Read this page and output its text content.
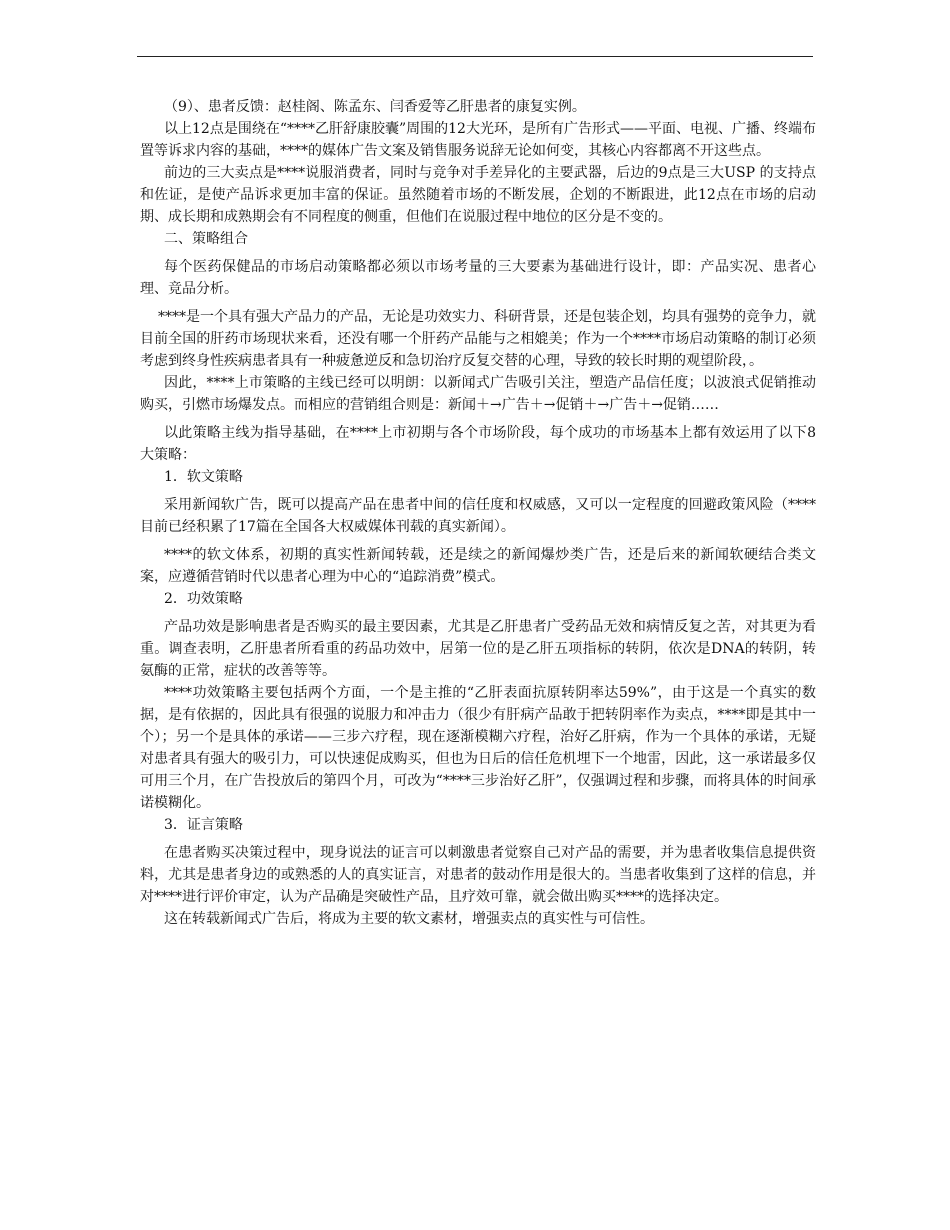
（9）、患者反馈：赵桂阁、陈孟东、闫香爱等乙肝患者的康复实例。

以上12点是围绕在“****乙肝舒康胶囊”周围的12大光环，是所有广告形式——平面、电视、广播、终端布置等诉求内容的基础，****的媒体广告文案及销售服务说辞无论如何变，其核心内容都离不开这些点。

前边的三大卖点是****说服消费者，同时与竞争对手差异化的主要武器，后边的9点是三大USP 的支持点和佐证，是使产品诉求更加丰富的保证。虽然随着市场的不断发展，企划的不断跟进，此12点在市场的启动期、成长期和成熟期会有不同程度的侧重，但他们在说服过程中地位的区分是不变的。

二、策略组合

每个医药保健品的市场启动策略都必须以市场考量的三大要素为基础进行设计，即：产品实况、患者心理、竞品分析。

****是一个具有强大产品力的产品，无论是功效实力、科研背景，还是包装企划，均具有强势的竞争力，就目前全国的肝药市场现状来看，还没有哪一个肝药产品能与之相媲美；作为一个****市场启动策略的制订必须考虑到终身性疾病患者具有一种疲惫逆反和急切治疗反复交替的心理，导致的较长时期的观望阶段，。

因此，****上市策略的主线已经可以明朗：以新闻式广告吸引关注，塑造产品信任度；以波浪式促销推动购买，引燃市场爆发点。而相应的营销组合则是：新闻＋→广告＋→促销＋→广告＋→促销……

以此策略主线为指导基础，在****上市初期与各个市场阶段，每个成功的市场基本上都有效运用了以下8大策略：

1．软文策略

采用新闻软广告，既可以提高产品在患者中间的信任度和权威感，又可以一定程度的回避政策风险（****目前已经积累了17篇在全国各大权威媒体刊载的真实新闻）。

****的软文体系，初期的真实性新闻转载，还是续之的新闻爆炒类广告，还是后来的新闻软硬结合类文案，应遵循营销时代以患者心理为中心的“追踪消费”模式。

2．功效策略

产品功效是影响患者是否购买的最主要因素，尤其是乙肝患者广受药品无效和病情反复之苦，对其更为看重。调查表明，乙肝患者所看重的药品功效中，居第一位的是乙肝五项指标的转阴，依次是DNA的转阴，转氨酶的正常，症状的改善等等。

****功效策略主要包括两个方面，一个是主推的“乙肝表面抗原转阴率达59%”，由于这是一个真实的数据，是有依据的，因此具有很强的说服力和冲击力（很少有肝病产品敢于把转阴率作为卖点，****即是其中一个）；另一个是具体的承诺——三步六疗程，现在逐渐模糊六疗程，治好乙肝病，作为一个具体的承诺，无疑对患者具有强大的吸引力，可以快速促成购买，但也为日后的信任危机埋下一个地雷，因此，这一承诺最多仅可用三个月，在广告投放后的第四个月，可改为“****三步治好乙肝”，仅强调过程和步骤，而将具体的时间承诺模糊化。

3．证言策略

在患者购买决策过程中，现身说法的证言可以刺激患者觉察自己对产品的需要，并为患者收集信息提供资料，尤其是患者身边的或熟悉的人的真实证言，对患者的鼓动作用是很大的。当患者收集到了这样的信息，并对****进行评价审定，认为产品确是突破性产品，且疗效可靠，就会做出购买****的选择决定。

这在转载新闻式广告后，将成为主要的软文素材，增强卖点的真实性与可信性。
